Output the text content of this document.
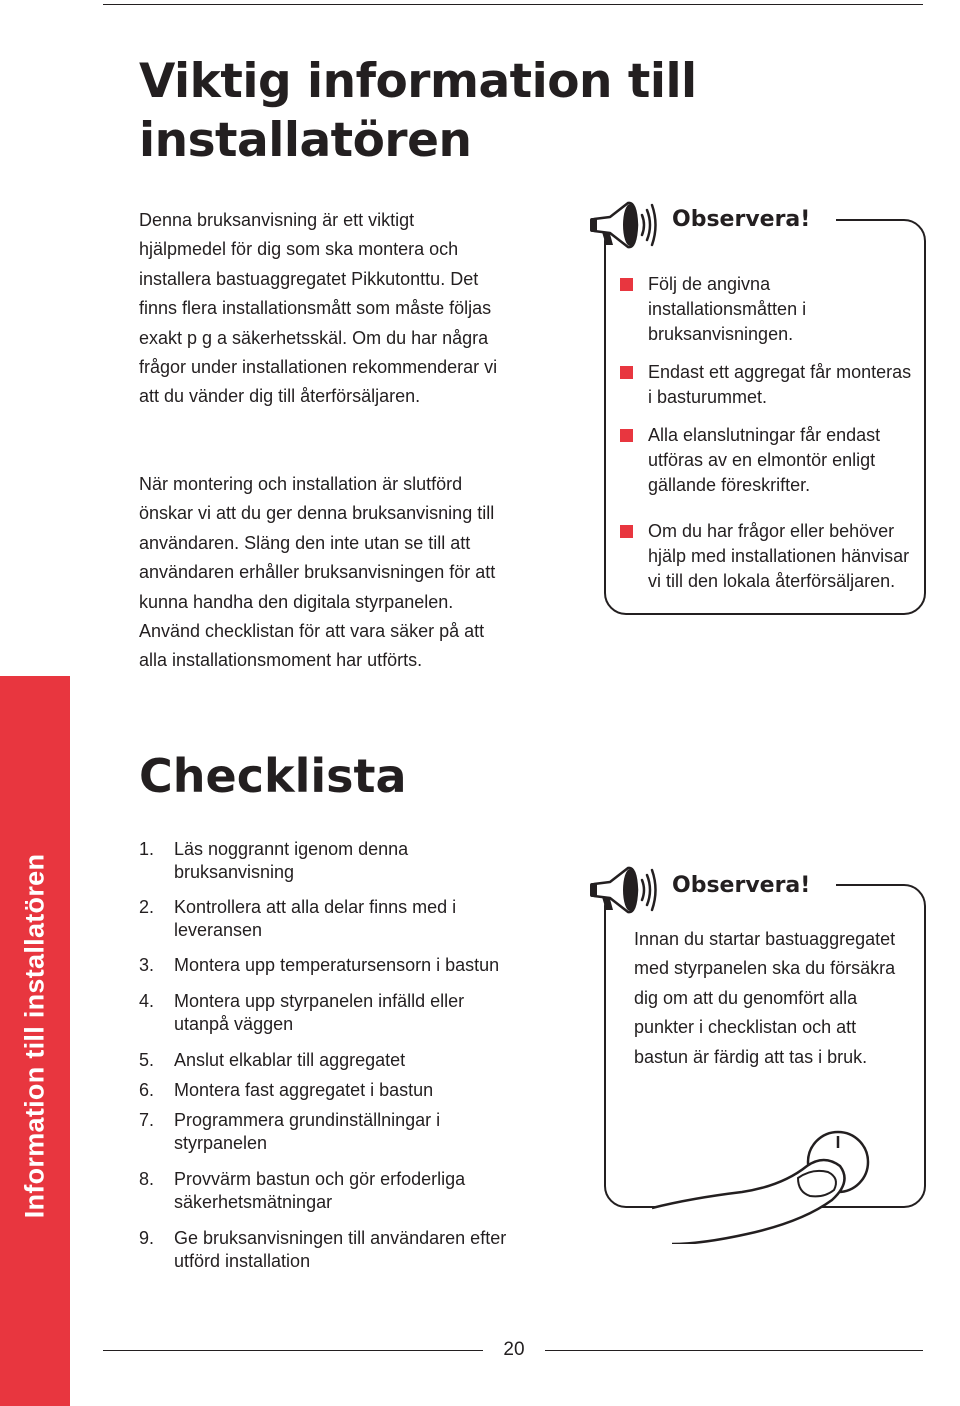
Information till installatören
Viktig information till installatören

Denna bruksanvisning är ett viktigt hjälpmedel för dig som ska montera och installera bastuaggregatet Pikkutonttu. Det finns flera installationsmått som måste följas exakt p g a säkerhetsskäl. Om du har några frågor under installationen rekommenderar vi att du vänder dig till återförsäljaren.

När montering och installation är slutförd önskar vi att du ger denna bruksanvisning till användaren. Släng den inte utan se till att användaren erhåller bruksanvisningen för att kunna handha den digitala styrpanelen. Använd checklistan för att vara säker på att alla installationsmoment har utförts.

Checklista
1. Läs noggrannt igenom denna bruksanvisning
2. Kontrollera att alla delar finns med i leveransen
3. Montera upp temperatursensorn i bastun
4. Montera upp styrpanelen infälld eller utanpå väggen
5. Anslut elkablar till aggregatet
6. Montera fast aggregatet i bastun
7. Programmera grundinställningar i styrpanelen
8. Provvärm bastun och gör erfoderliga säkerhetsmätningar
9. Ge bruksanvisningen till användaren efter utförd installation

Observera!

Följ de angivna installationsmåtten i bruksanvisningen.
Endast ett aggregat får monteras i basturummet.
Alla elanslutningar får endast utföras av en elmontör enligt gällande föreskrifter.
Om du har frågor eller behöver hjälp med installationen hänvisar vi till den lokala återförsäljaren.

Observera!

Innan du startar bastuaggregatet med styrpanelen ska du försäkra dig om att du genomfört alla punkter i checklistan och att bastun är färdig att tas i bruk.

20
